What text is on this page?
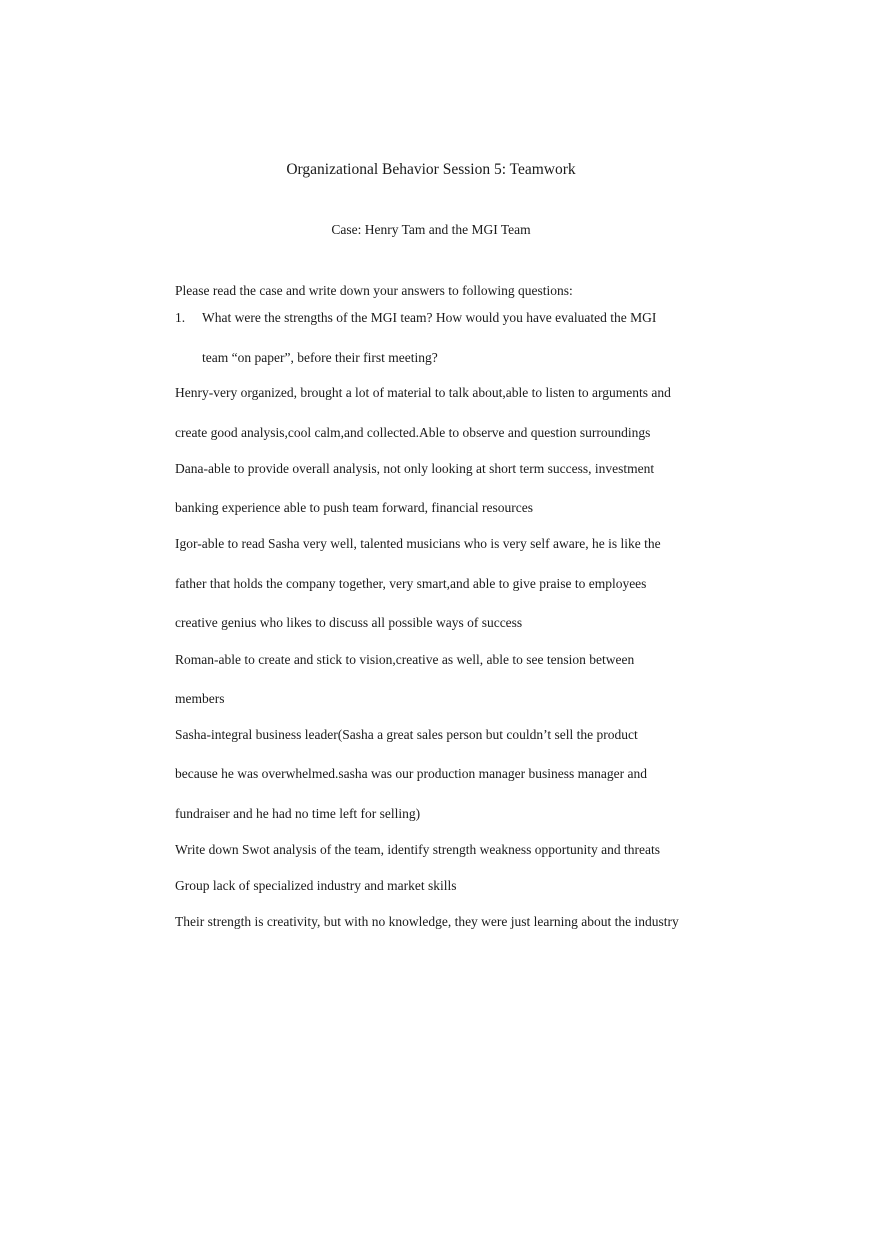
Organizational Behavior Session 5: Teamwork
Case: Henry Tam and the MGI Team
Please read the case and write down your answers to following questions:
1. What were the strengths of the MGI team? How would you have evaluated the MGI
team “on paper”, before their first meeting?
Henry-very organized, brought a lot of material to talk about,able to listen to arguments and
create good analysis,cool calm,and collected.Able to observe and question surroundings
Dana-able to provide overall analysis, not only looking at short term success, investment
banking experience able to push team forward, financial resources
Igor-able to read Sasha very well, talented musicians who is very self aware, he is like the
father that holds the company together, very smart,and able to give praise to employees
creative genius who likes to discuss all possible ways of success
Roman-able to create and stick to vision,creative as well, able to see tension between
members
Sasha-integral business leader(Sasha a great sales person but couldn’t sell the product
because he was overwhelmed.sasha was our production manager business manager and
fundraiser and he had no time left for selling)
Write down Swot analysis of the team, identify strength weakness opportunity and threats
Group lack of specialized industry and market skills
Their strength is creativity, but with no knowledge, they were just learning about the industry
